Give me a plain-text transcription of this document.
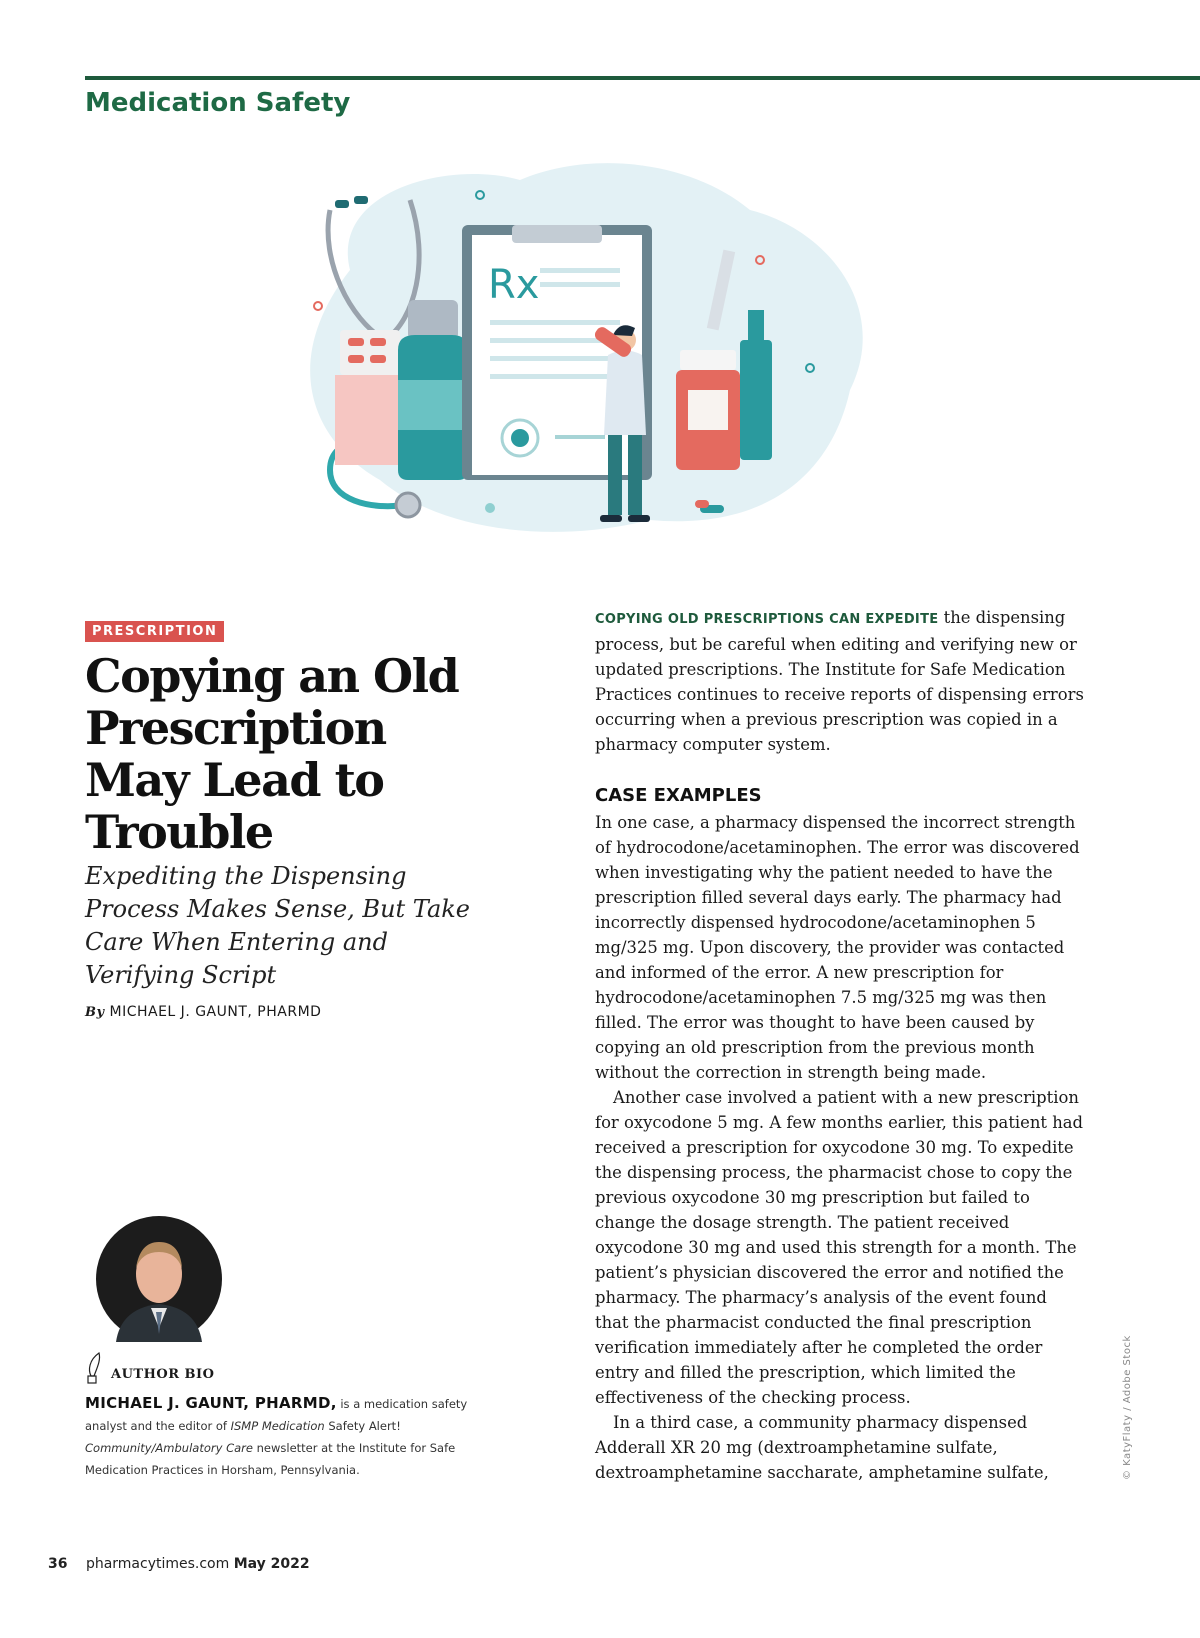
Medication Safety
Rx
PRESCRIPTION
Copying an Old Prescription May Lead to Trouble
Expediting the Dispensing Process Makes Sense, But Take Care When Entering and Verifying Script
By MICHAEL J. GAUNT, PHARMD
AUTHOR BIO
MICHAEL J. GAUNT, PHARMD, is a medication safety analyst and the editor of ISMP Medication Safety Alert! Community/Ambulatory Care newsletter at the Institute for Safe Medication Practices in Horsham, Pennsylvania.

COPYING OLD PRESCRIPTIONS CAN EXPEDITE the dispensing process, but be careful when editing and verifying new or updated prescriptions. The Institute for Safe Medication Practices continues to receive reports of dispensing errors occurring when a previous prescription was copied in a pharmacy computer system.

CASE EXAMPLES

In one case, a pharmacy dispensed the incorrect strength of hydrocodone/acetaminophen. The error was discovered when investigating why the patient needed to have the prescription filled several days early. The pharmacy had incorrectly dispensed hydrocodone/acetaminophen 5 mg/325 mg. Upon discovery, the provider was contacted and informed of the error. A new prescription for hydrocodone/acetaminophen 7.5 mg/325 mg was then filled. The error was thought to have been caused by copying an old prescription from the previous month without the correction in strength being made.

Another case involved a patient with a new prescription for oxycodone 5 mg. A few months earlier, this patient had received a prescription for oxycodone 30 mg. To expedite the dispensing process, the pharmacist chose to copy the previous oxycodone 30 mg prescription but failed to change the dosage strength. The patient received oxycodone 30 mg and used this strength for a month. The patient’s physician discovered the error and notified the pharmacy. The pharmacy’s analysis of the event found that the pharmacist conducted the final prescription verification immediately after he completed the order entry and filled the prescription, which limited the effectiveness of the checking process.

In a third case, a community pharmacy dispensed Adderall XR 20 mg (dextroamphetamine sulfate, dextroamphetamine saccharate, amphetamine sulfate,	© KatyFlaty / Adobe Stock
36 pharmacytimes.com May 2022
